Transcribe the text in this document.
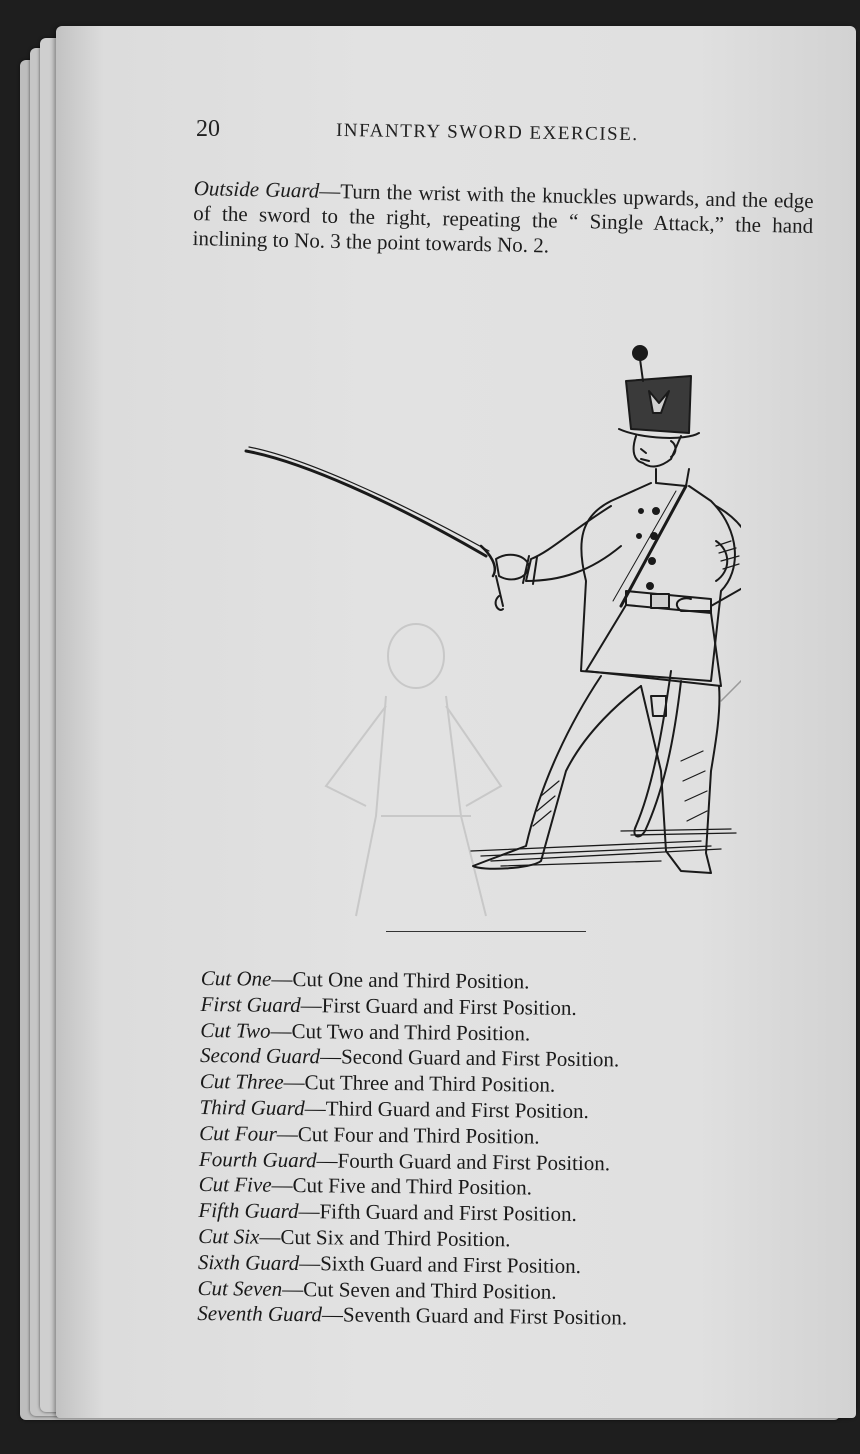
20	INFANTRY SWORD EXERCISE.
Outside Guard—Turn the wrist with the knuckles upwards, and the edge of the sword to the right, repeating the “ Single Attack,” the hand inclining to No. 3 the point towards No. 2.
Cut One—Cut One and Third Position.
First Guard—First Guard and First Position.
Cut Two—Cut Two and Third Position.
Second Guard—Second Guard and First Position.
Cut Three—Cut Three and Third Position.
Third Guard—Third Guard and First Position.
Cut Four—Cut Four and Third Position.
Fourth Guard—Fourth Guard and First Position.
Cut Five—Cut Five and Third Position.
Fifth Guard—Fifth Guard and First Position.
Cut Six—Cut Six and Third Position.
Sixth Guard—Sixth Guard and First Position.
Cut Seven—Cut Seven and Third Position.
Seventh Guard—Seventh Guard and First Position.
